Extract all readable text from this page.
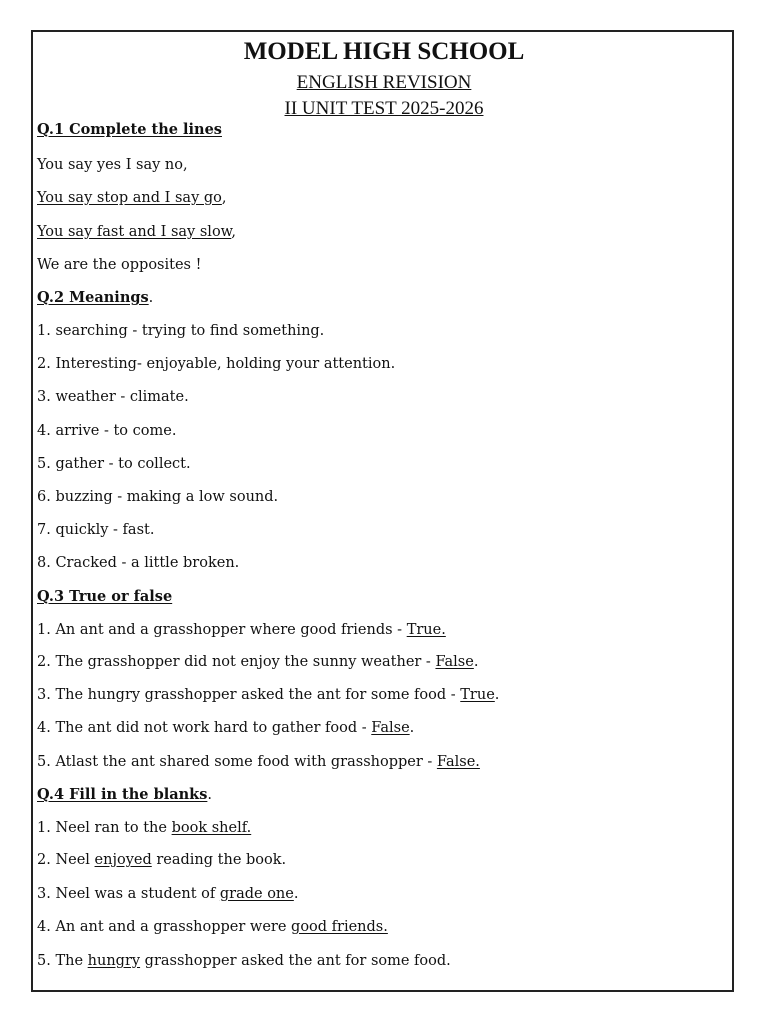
MODEL HIGH SCHOOL
ENGLISH REVISION
II UNIT TEST 2025-2026
Q.1 Complete the lines
You say yes I say no,
You say stop and I say go,
You say fast and I say slow,
We are the opposites !
Q.2 Meanings.
1. searching - trying to find something.
2. Interesting- enjoyable, holding your attention.
3. weather - climate.
4. arrive - to come.
5. gather - to collect.
6. buzzing - making a low sound.
7. quickly - fast.
8. Cracked - a little broken.
Q.3 True or false
1. An ant and a grasshopper where good friends - True.
2. The grasshopper did not enjoy the sunny weather - False.
3. The hungry grasshopper asked the ant for some food - True.
4. The ant did not work hard to gather food - False.
5. Atlast the ant shared some food with grasshopper - False.
Q.4 Fill in the blanks.
1. Neel ran to the book shelf.
2. Neel enjoyed reading the book.
3. Neel was a student of grade one.
4. An ant and a grasshopper were good friends.
5. The hungry grasshopper asked the ant for some food.
